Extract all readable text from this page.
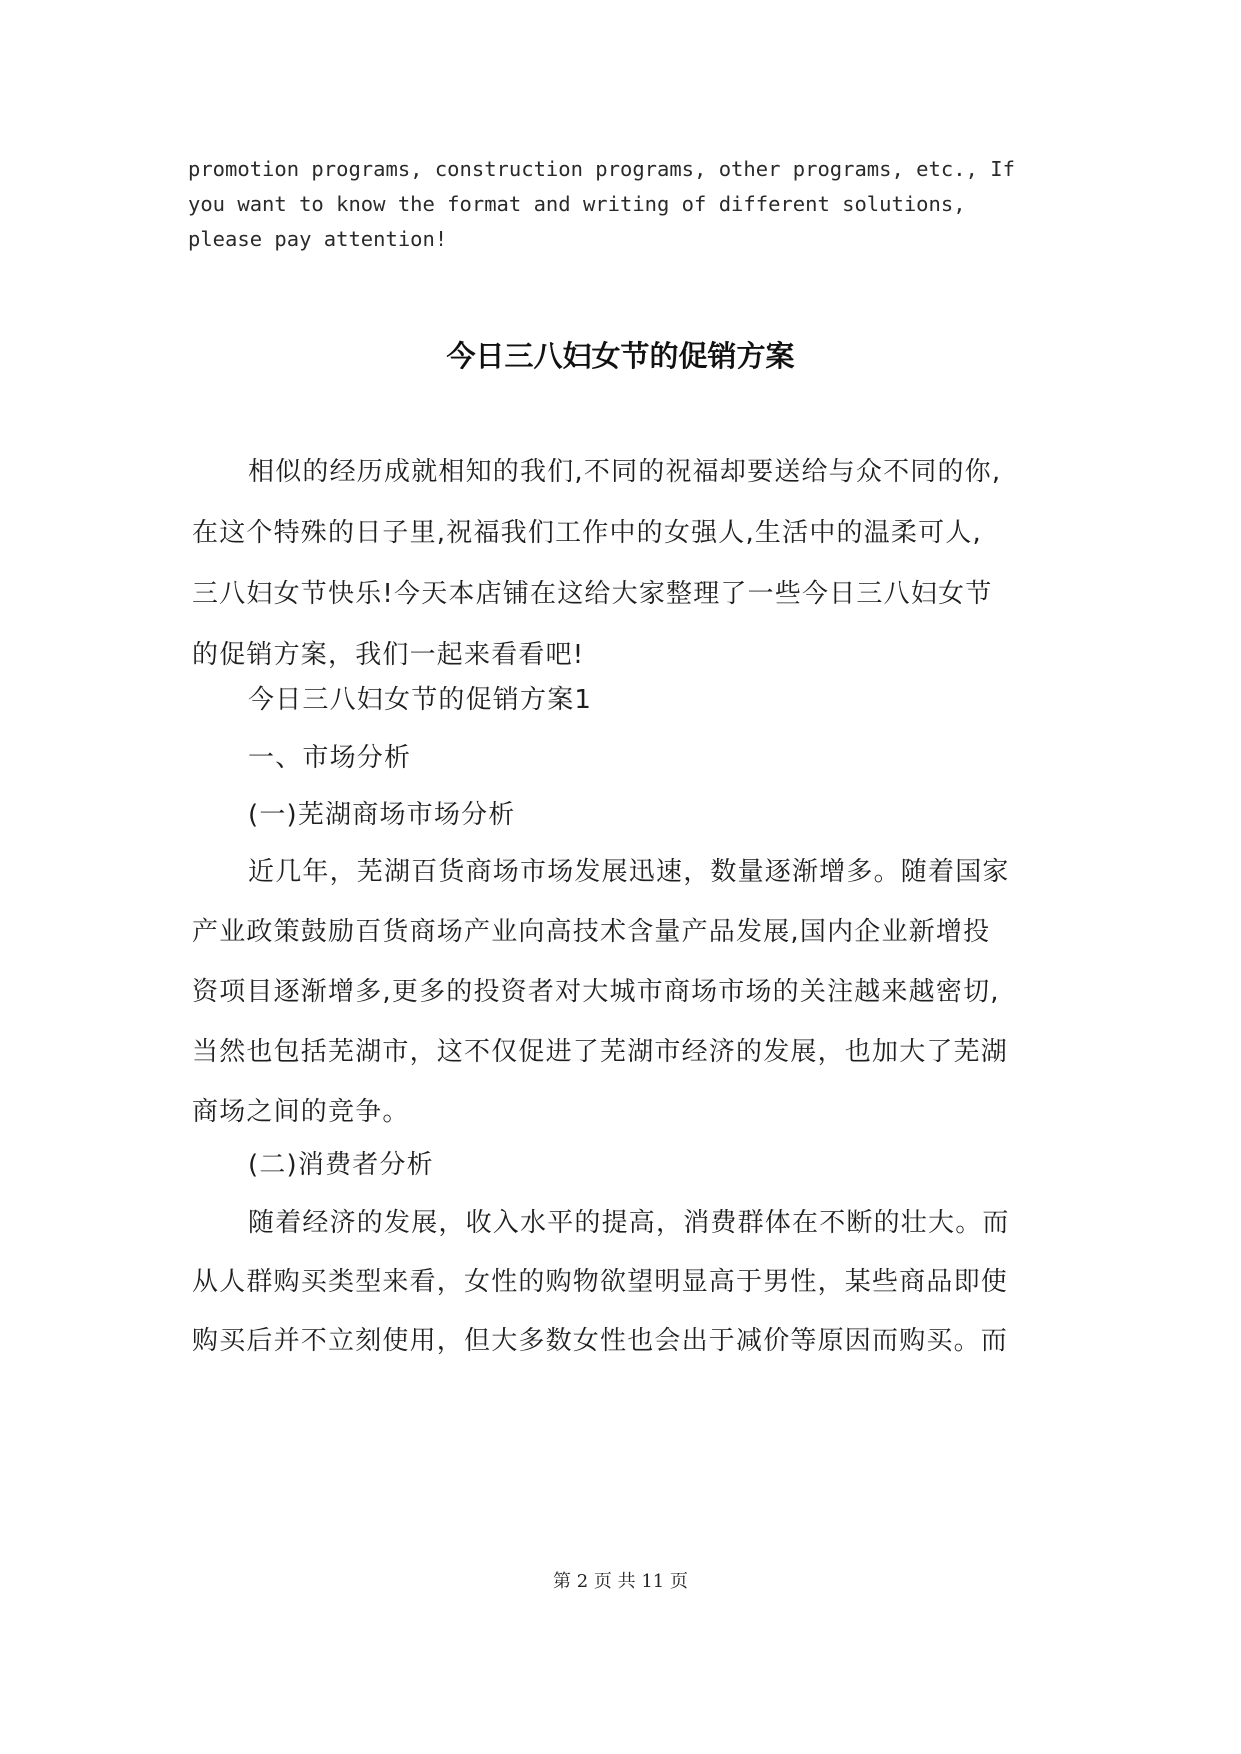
promotion programs, construction programs, other programs, etc., If
you want to know the format and writing of different solutions,
please pay attention!
今日三八妇女节的促销方案
相似的经历成就相知的我们,不同的祝福却要送给与众不同的你,
在这个特殊的日子里,祝福我们工作中的女强人,生活中的温柔可人,
三八妇女节快乐!今天本店铺在这给大家整理了一些今日三八妇女节
的促销方案，我们一起来看看吧!
今日三八妇女节的促销方案1
一、市场分析
(一)芜湖商场市场分析
近几年，芜湖百货商场市场发展迅速，数量逐渐增多。随着国家
产业政策鼓励百货商场产业向高技术含量产品发展,国内企业新增投
资项目逐渐增多,更多的投资者对大城市商场市场的关注越来越密切,
当然也包括芜湖市，这不仅促进了芜湖市经济的发展，也加大了芜湖
商场之间的竞争。
(二)消费者分析
随着经济的发展，收入水平的提高，消费群体在不断的壮大。而
从人群购买类型来看，女性的购物欲望明显高于男性，某些商品即使
购买后并不立刻使用，但大多数女性也会出于减价等原因而购买。而
第 2 页 共 11 页
